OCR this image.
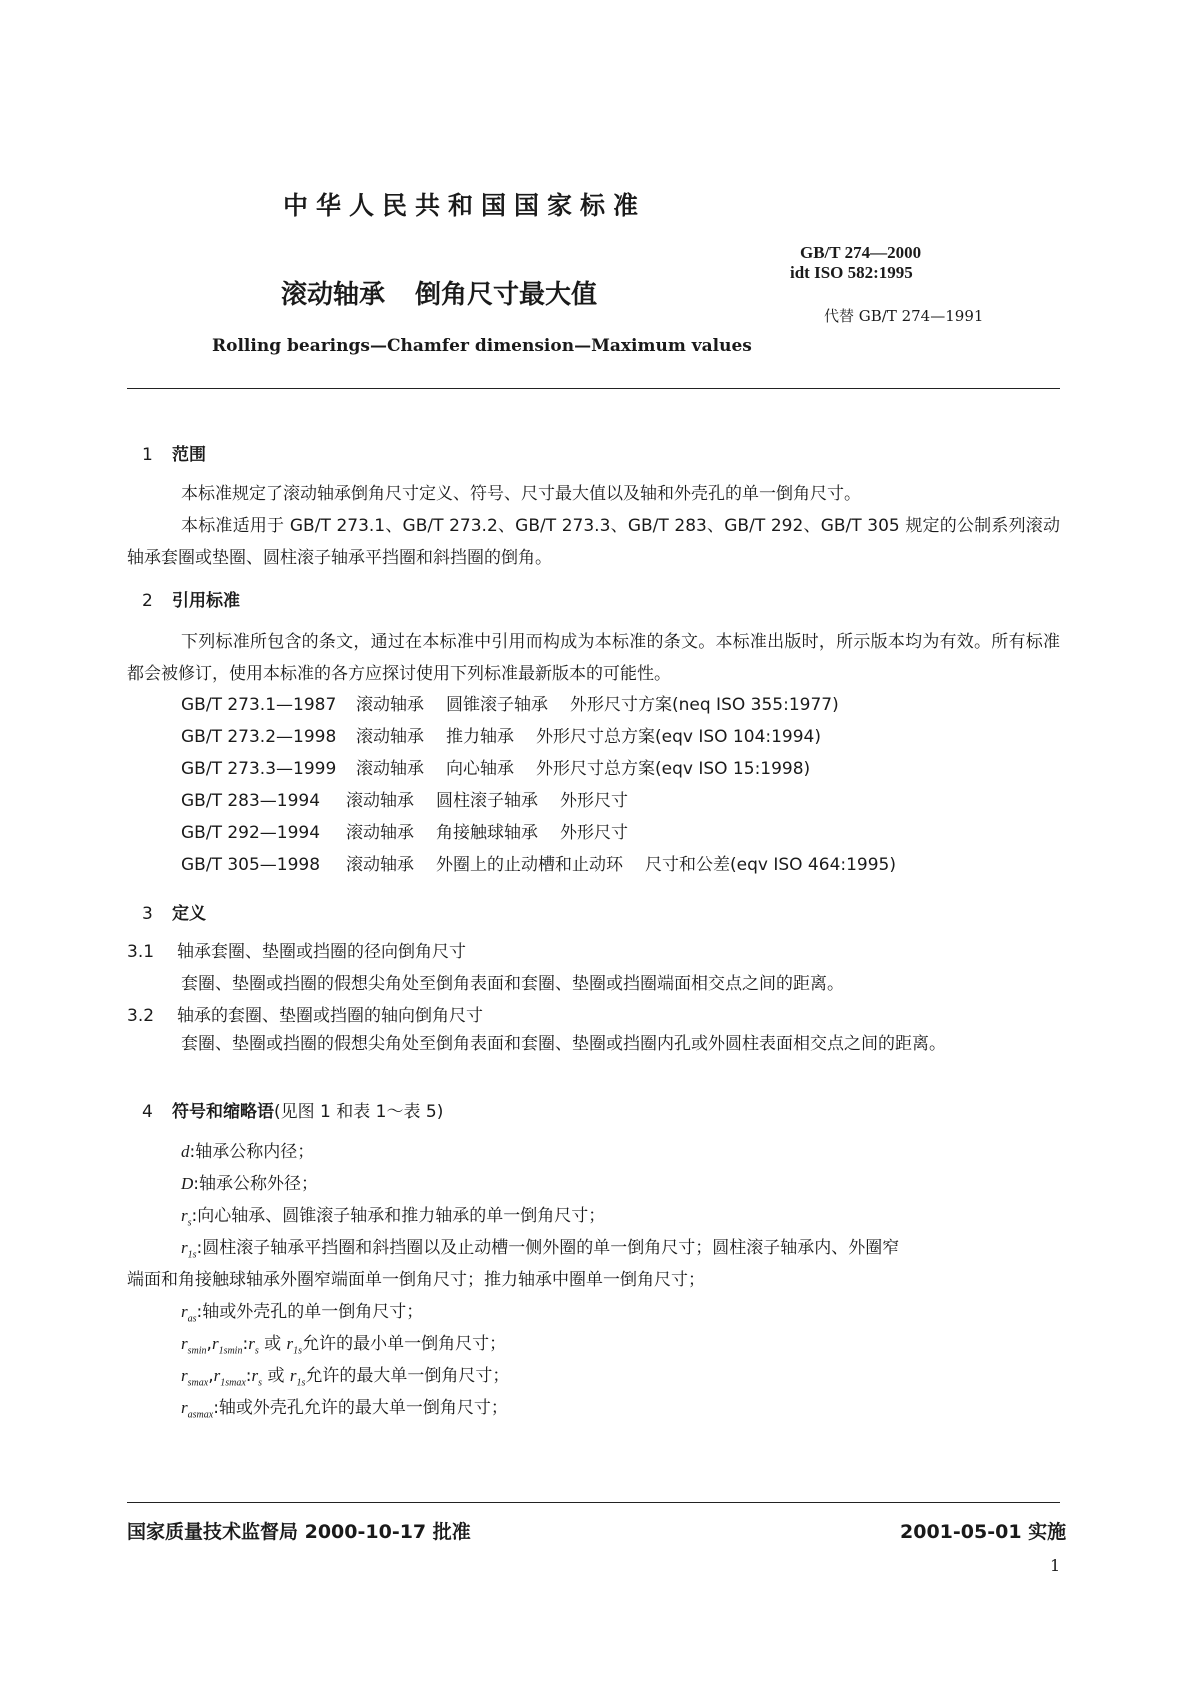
中华人民共和国国家标准
GB/T 274—2000
idt ISO 582:1995
代替 GB/T 274—1991
滚动轴承 倒角尺寸最大值
Rolling bearings—Chamfer dimension—Maximum values
1 范围

本标准规定了滚动轴承倒角尺寸定义、符号、尺寸最大值以及轴和外壳孔的单一倒角尺寸。

本标准适用于 GB/T 273.1、GB/T 273.2、GB/T 273.3、GB/T 283、GB/T 292、GB/T 305 规定的公制系列滚动轴承套圈或垫圈、圆柱滚子轴承平挡圈和斜挡圈的倒角。

2 引用标准

下列标准所包含的条文，通过在本标准中引用而构成为本标准的条文。本标准出版时，所示版本均为有效。所有标准都会被修订，使用本标准的各方应探讨使用下列标准最新版本的可能性。

GB/T 273.1—1987 滚动轴承 圆锥滚子轴承 外形尺寸方案(neq ISO 355:1977)
GB/T 273.2—1998 滚动轴承 推力轴承 外形尺寸总方案(eqv ISO 104:1994)
GB/T 273.3—1999 滚动轴承 向心轴承 外形尺寸总方案(eqv ISO 15:1998)
GB/T 283—1994 滚动轴承 圆柱滚子轴承 外形尺寸
GB/T 292—1994 滚动轴承 角接触球轴承 外形尺寸
GB/T 305—1998 滚动轴承 外圈上的止动槽和止动环 尺寸和公差(eqv ISO 464:1995)
3 定义
3.1 轴承套圈、垫圈或挡圈的径向倒角尺寸
套圈、垫圈或挡圈的假想尖角处至倒角表面和套圈、垫圈或挡圈端面相交点之间的距离。
3.2 轴承的套圈、垫圈或挡圈的轴向倒角尺寸

套圈、垫圈或挡圈的假想尖角处至倒角表面和套圈、垫圈或挡圈内孔或外圆柱表面相交点之间的距离。

4 符号和缩略语(见图 1 和表 1～表 5)
d:轴承公称内径；
D:轴承公称外径；
$r_s$:向心轴承、圆锥滚子轴承和推力轴承的单一倒角尺寸；
$r_{1s}$:圆柱滚子轴承平挡圈和斜挡圈以及止动槽一侧外圈的单一倒角尺寸；圆柱滚子轴承内、外圈窄
端面和角接触球轴承外圈窄端面单一倒角尺寸；推力轴承中圈单一倒角尺寸；
$r_{as}$:轴或外壳孔的单一倒角尺寸；
$r_{smin},r_{1smin}:r_s$ 或 $r_{1s}$允许的最小单一倒角尺寸；
$r_{smax},r_{1smax}:r_s$ 或 $r_{1s}$允许的最大单一倒角尺寸；
$r_{asmax}$:轴或外壳孔允许的最大单一倒角尺寸；
国家质量技术监督局 2000-10-17 批准	2001-05-01 实施
1
